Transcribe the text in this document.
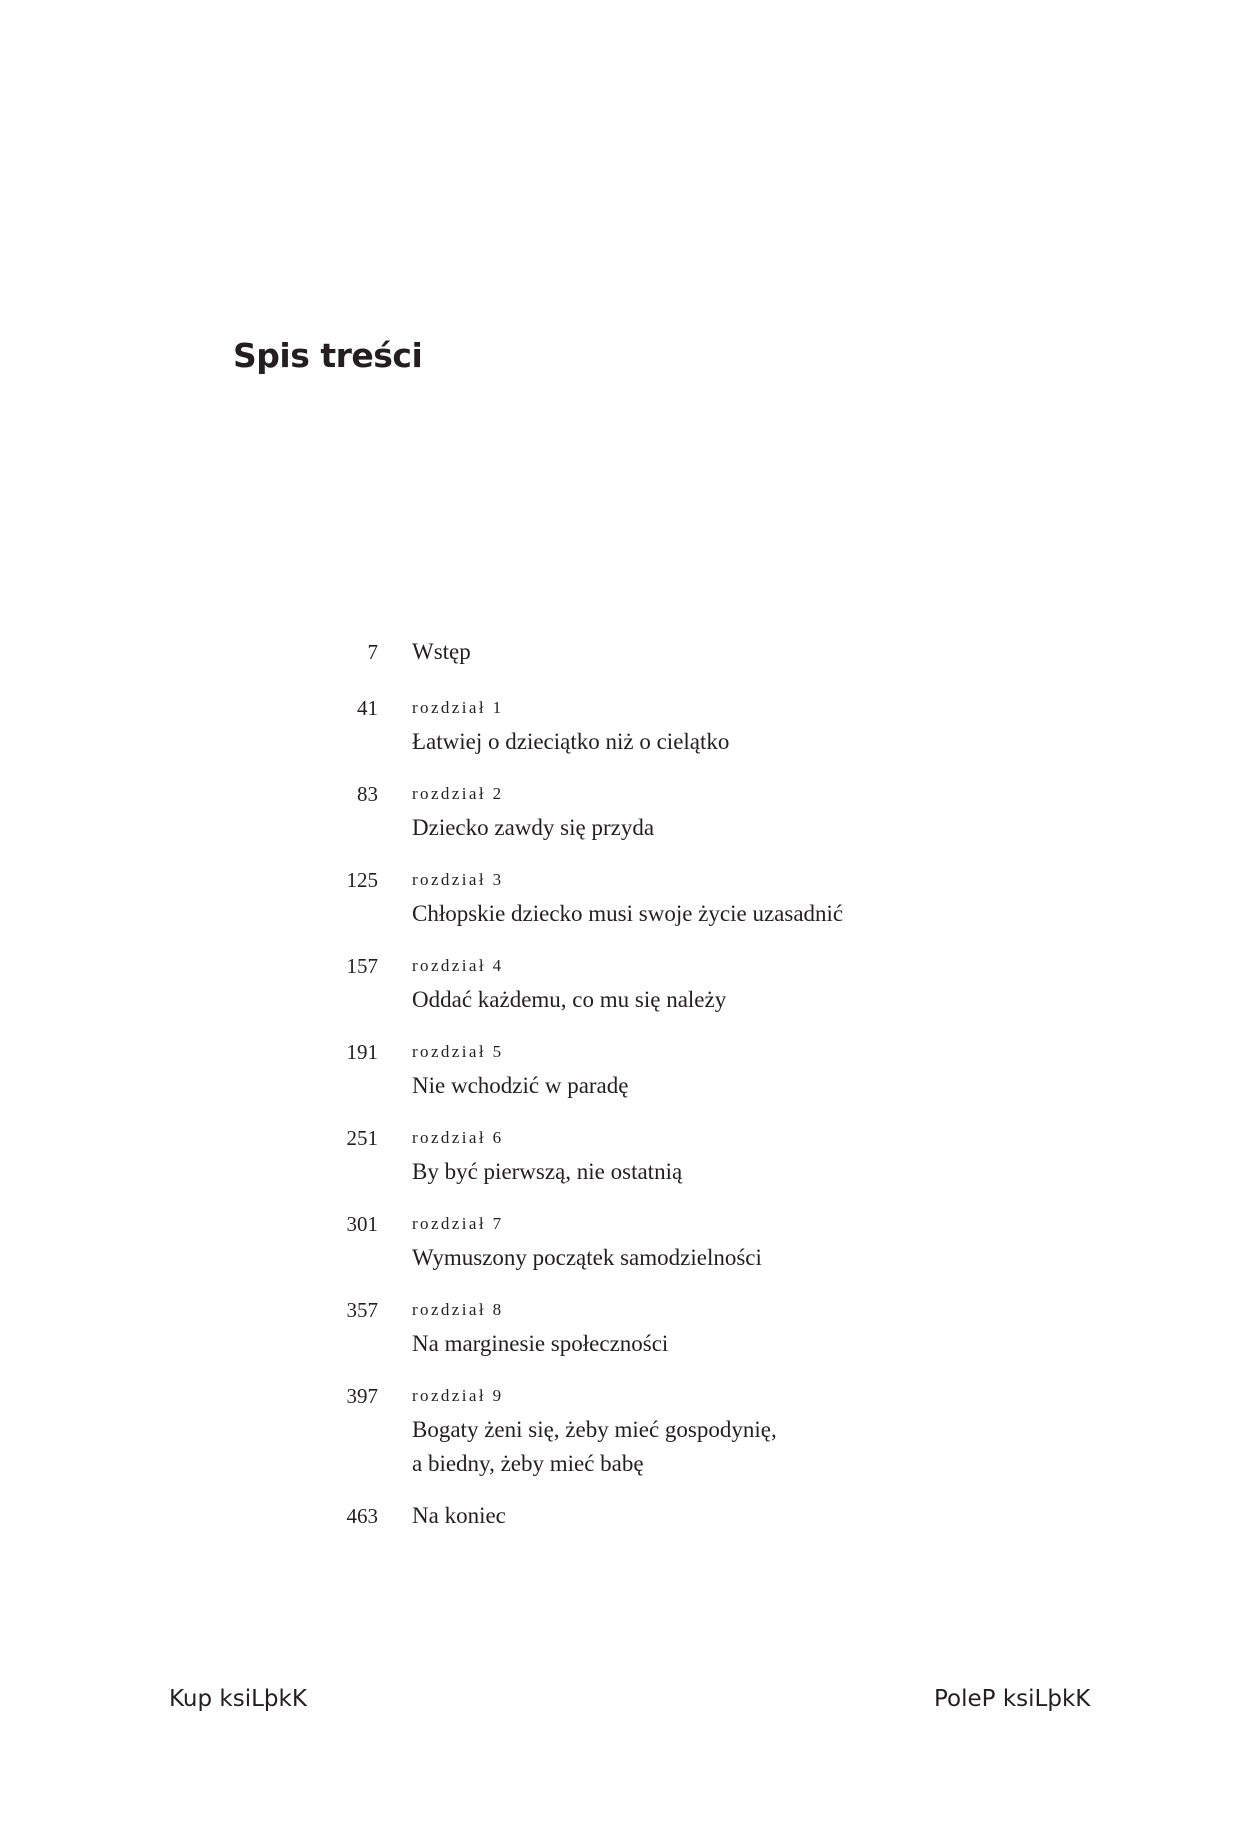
Spis treści
7 Wstęp
41 rozdział 1
Łatwiej o dzieciątko niż o cielątko
83 rozdział 2
Dziecko zawdy się przyda
125 rozdział 3
Chłopskie dziecko musi swoje życie uzasadnić
157 rozdział 4
Oddać każdemu, co mu się należy
191 rozdział 5
Nie wchodzić w paradę
251 rozdział 6
By być pierwszą, nie ostatnią
301 rozdział 7
Wymuszony początek samodzielności
357 rozdział 8
Na marginesie społeczności
397 rozdział 9
Bogaty żeni się, żeby mieć gospodynię,
a biedny, żeby mieć babę
463 Na koniec
Kup ksiLþkK	PoleP ksiLþkK
